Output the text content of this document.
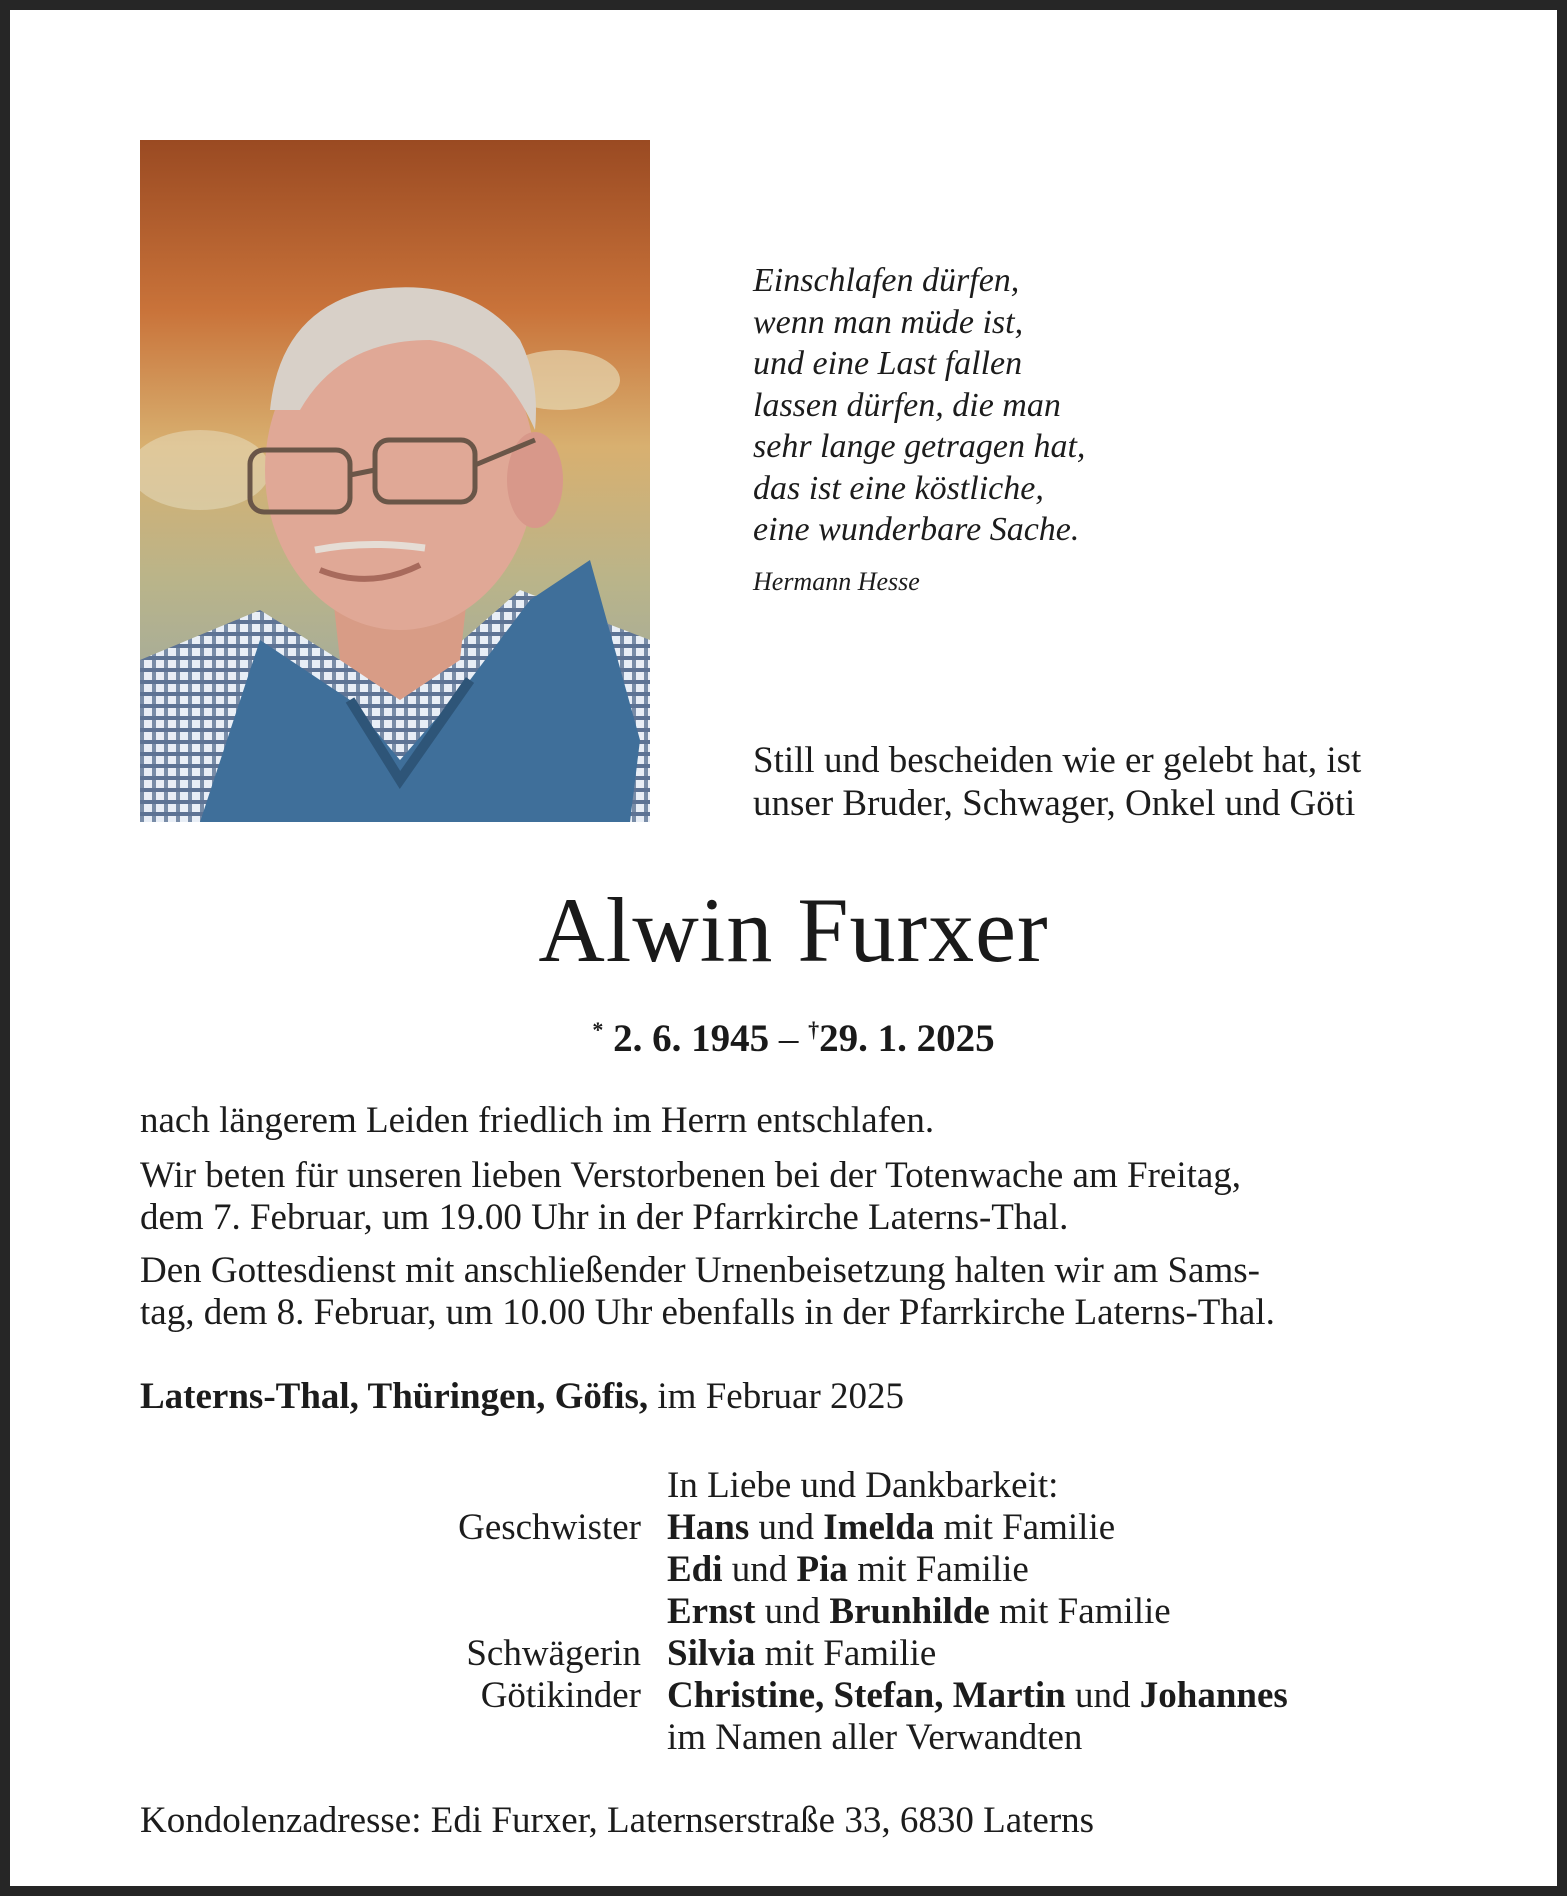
Einschlafen dürfen,
wenn man müde ist,
und eine Last fallen
lassen dürfen, die man
sehr lange getragen hat,
das ist eine köstliche,
eine wunderbare Sache.
Hermann Hesse
Still und bescheiden wie er gelebt hat, ist
unser Bruder, Schwager, Onkel und Göti
Alwin Furxer
* 2. 6. 1945 – †29. 1. 2025
nach längerem Leiden friedlich im Herrn entschlafen.
Wir beten für unseren lieben Verstorbenen bei der Totenwache am Freitag,
dem 7. Februar, um 19.00 Uhr in der Pfarrkirche Laterns-Thal.
Den Gottesdienst mit anschließender Urnenbeisetzung halten wir am Sams-
tag, dem 8. Februar, um 10.00 Uhr ebenfalls in der Pfarrkirche Laterns-Thal.
Laterns-Thal, Thüringen, Göfis, im Februar 2025
In Liebe und Dankbarkeit:
Geschwister Hans und Imelda mit Familie
Edi und Pia mit Familie
Ernst und Brunhilde mit Familie
Schwägerin Silvia mit Familie
Götikinder Christine, Stefan, Martin und Johannes
im Namen aller Verwandten
Kondolenzadresse: Edi Furxer, Laternserstraße 33, 6830 Laterns
